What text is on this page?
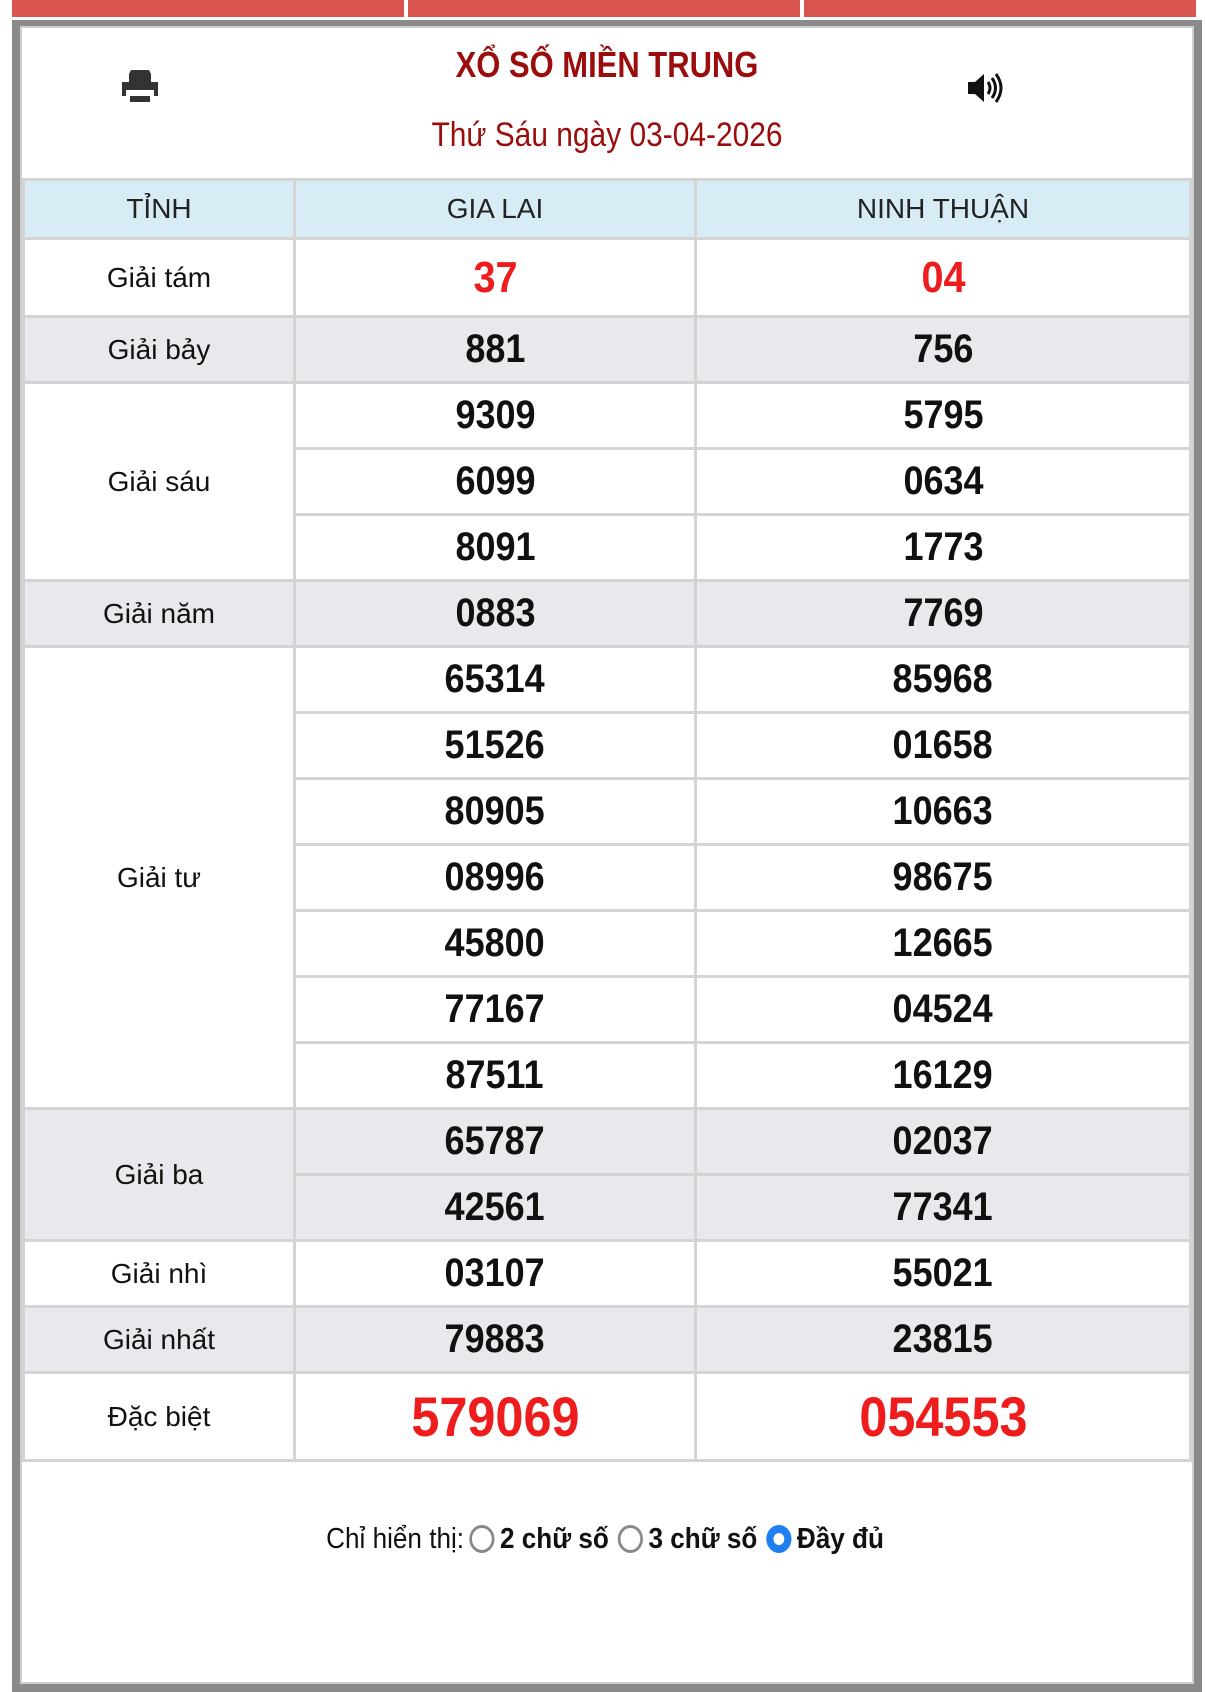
XỔ SỐ MIỀN TRUNG
Thứ Sáu ngày 03-04-2026
TỈNH	GIA LAI	NINH THUẬN
Giải tám	37	04
Giải bảy	881	756
Giải sáu	9309	5795
	6099	0634
	8091	1773
Giải năm	0883	7769
Giải tư	65314	85968
	51526	01658
	80905	10663
	08996	98675
	45800	12665
	77167	04524
	87511	16129
Giải ba	65787	02037
	42561	77341
Giải nhì	03107	55021
Giải nhất	79883	23815
Đặc biệt	579069	054553
Chỉ hiển thị: 2 chữ số 3 chữ số Đầy đủ
